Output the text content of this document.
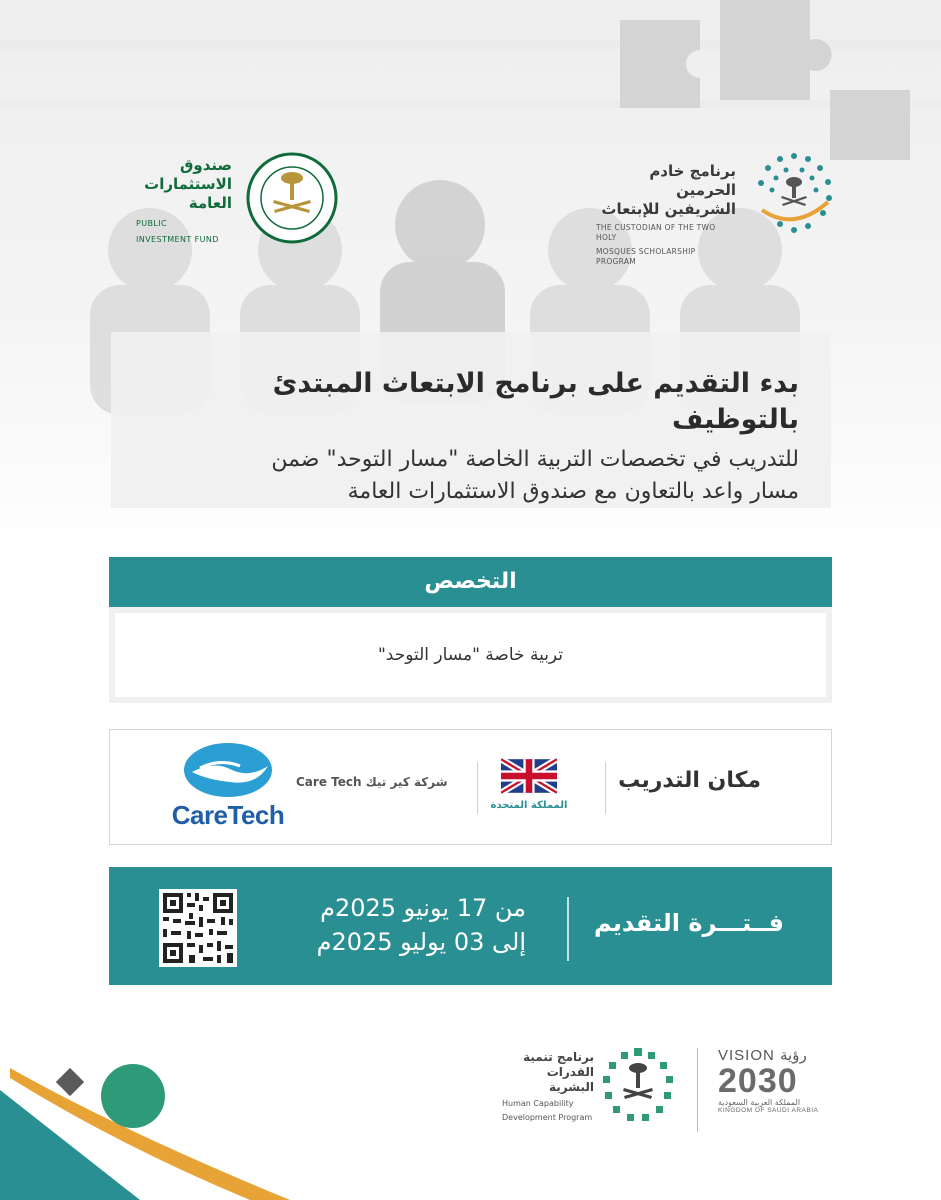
برنامج خادم الحرمين
الشريفين للإبتعاث
THE CUSTODIAN OF THE TWO HOLY
MOSQUES SCHOLARSHIP PROGRAM
صندوق
الاستثمارات
العامة
PUBLIC
INVESTMENT FUND
بدء التقديم على برنامج الابتعاث المبتدئ بالتوظيف
للتدريب في تخصصات التربية الخاصة "مسار التوحد" ضمن
مسار واعد بالتعاون مع صندوق الاستثمارات العامة
التخصص
تربية خاصة "مسار التوحد"
مكان التدريب
المملكة المتحدة
شركة كير تيك Care Tech
CareTech
فــتـــرة التقديم
من 17 يونيو 2025م
إلى 03 يوليو 2025م
برنامج تنمية
القدرات البشرية
Human Capability
Development Program
VISION رؤية
2030
المملكة العربية السعودية
KINGDOM OF SAUDI ARABIA
